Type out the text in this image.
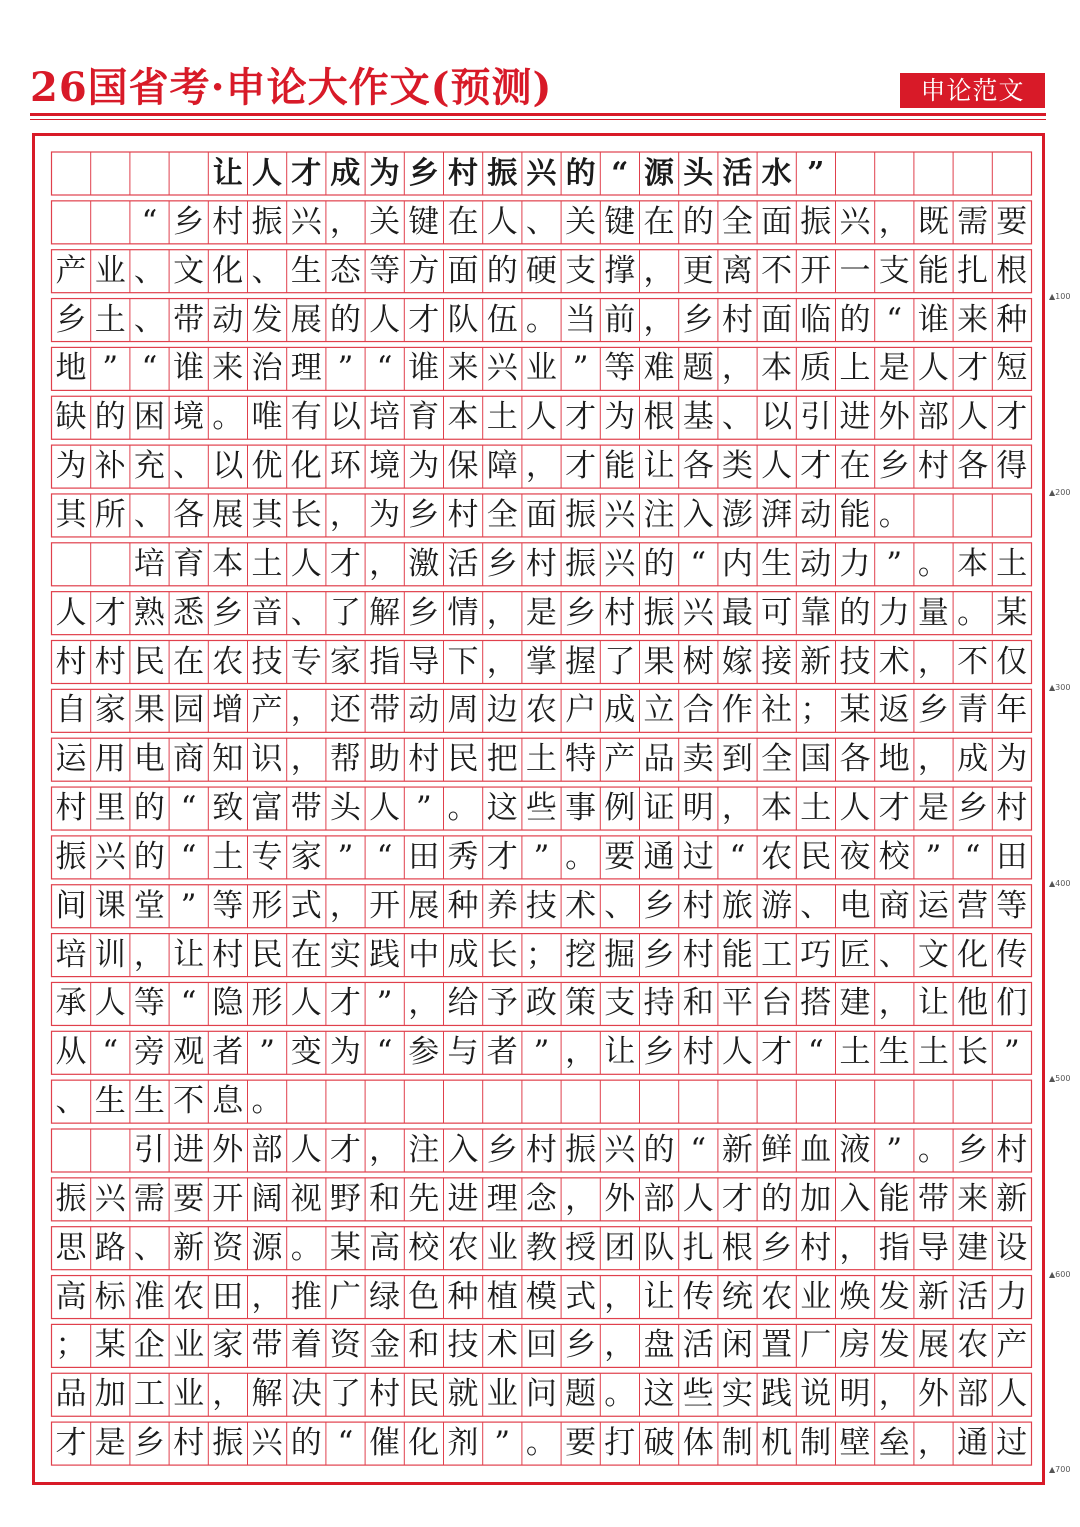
26国省考·申论大作文(预测)	申论范文
让 人 才 成 为 乡 村 振 兴 的 “ 源 头 活 水 ”
“ 乡 村 振 兴 ， 关 键 在 人 、 关 键 在 的 全 面 振 兴 ， 既 需 要
产 业 、 文 化 、 生 态 等 方 面 的 硬 支 撑 ， 更 离 不 开 一 支 能 扎 根
乡 土 、 带 动 发 展 的 人 才 队 伍 。 当 前 ， 乡 村 面 临 的 “ 谁 来 种
地 ” “ 谁 来 治 理 ” “ 谁 来 兴 业 ” 等 难 题 ， 本 质 上 是 人 才 短
缺 的 困 境 。 唯 有 以 培 育 本 土 人 才 为 根 基 、 以 引 进 外 部 人 才
为 补 充 、 以 优 化 环 境 为 保 障 ， 才 能 让 各 类 人 才 在 乡 村 各 得
其 所 、 各 展 其 长 ， 为 乡 村 全 面 振 兴 注 入 澎 湃 动 能 。
培 育 本 土 人 才 ， 激 活 乡 村 振 兴 的 “ 内 生 动 力 ” 。 本 土
人 才 熟 悉 乡 音 、 了 解 乡 情 ， 是 乡 村 振 兴 最 可 靠 的 力 量 。 某
村 村 民 在 农 技 专 家 指 导 下 ， 掌 握 了 果 树 嫁 接 新 技 术 ， 不 仅
自 家 果 园 增 产 ， 还 带 动 周 边 农 户 成 立 合 作 社 ； 某 返 乡 青 年
运 用 电 商 知 识 ， 帮 助 村 民 把 土 特 产 品 卖 到 全 国 各 地 ， 成 为
村 里 的 “ 致 富 带 头 人 ” 。 这 些 事 例 证 明 ， 本 土 人 才 是 乡 村
振 兴 的 “ 土 专 家 ” “ 田 秀 才 ” 。 要 通 过 “ 农 民 夜 校 ” “ 田
间 课 堂 ” 等 形 式 ， 开 展 种 养 技 术 、 乡 村 旅 游 、 电 商 运 营 等
培 训 ， 让 村 民 在 实 践 中 成 长 ； 挖 掘 乡 村 能 工 巧 匠 、 文 化 传
承 人 等 “ 隐 形 人 才 ” ， 给 予 政 策 支 持 和 平 台 搭 建 ， 让 他 们
从 “ 旁 观 者 ” 变 为 “ 参 与 者 ” ， 让 乡 村 人 才 “ 土 生 土 长 ”
、 生 生 不 息 。
引 进 外 部 人 才 ， 注 入 乡 村 振 兴 的 “ 新 鲜 血 液 ” 。 乡 村
振 兴 需 要 开 阔 视 野 和 先 进 理 念 ， 外 部 人 才 的 加 入 能 带 来 新
思 路 、 新 资 源 。 某 高 校 农 业 教 授 团 队 扎 根 乡 村 ， 指 导 建 设
高 标 准 农 田 ， 推 广 绿 色 种 植 模 式 ， 让 传 统 农 业 焕 发 新 活 力
； 某 企 业 家 带 着 资 金 和 技 术 回 乡 ， 盘 活 闲 置 厂 房 发 展 农 产
品 加 工 业 ， 解 决 了 村 民 就 业 问 题 。 这 些 实 践 说 明 ， 外 部 人
才 是 乡 村 振 兴 的 “ 催 化 剂 ” 。 要 打 破 体 制 机 制 壁 垒 ， 通 过
▲100
▲200
▲300
▲400
▲500
▲600
▲700
